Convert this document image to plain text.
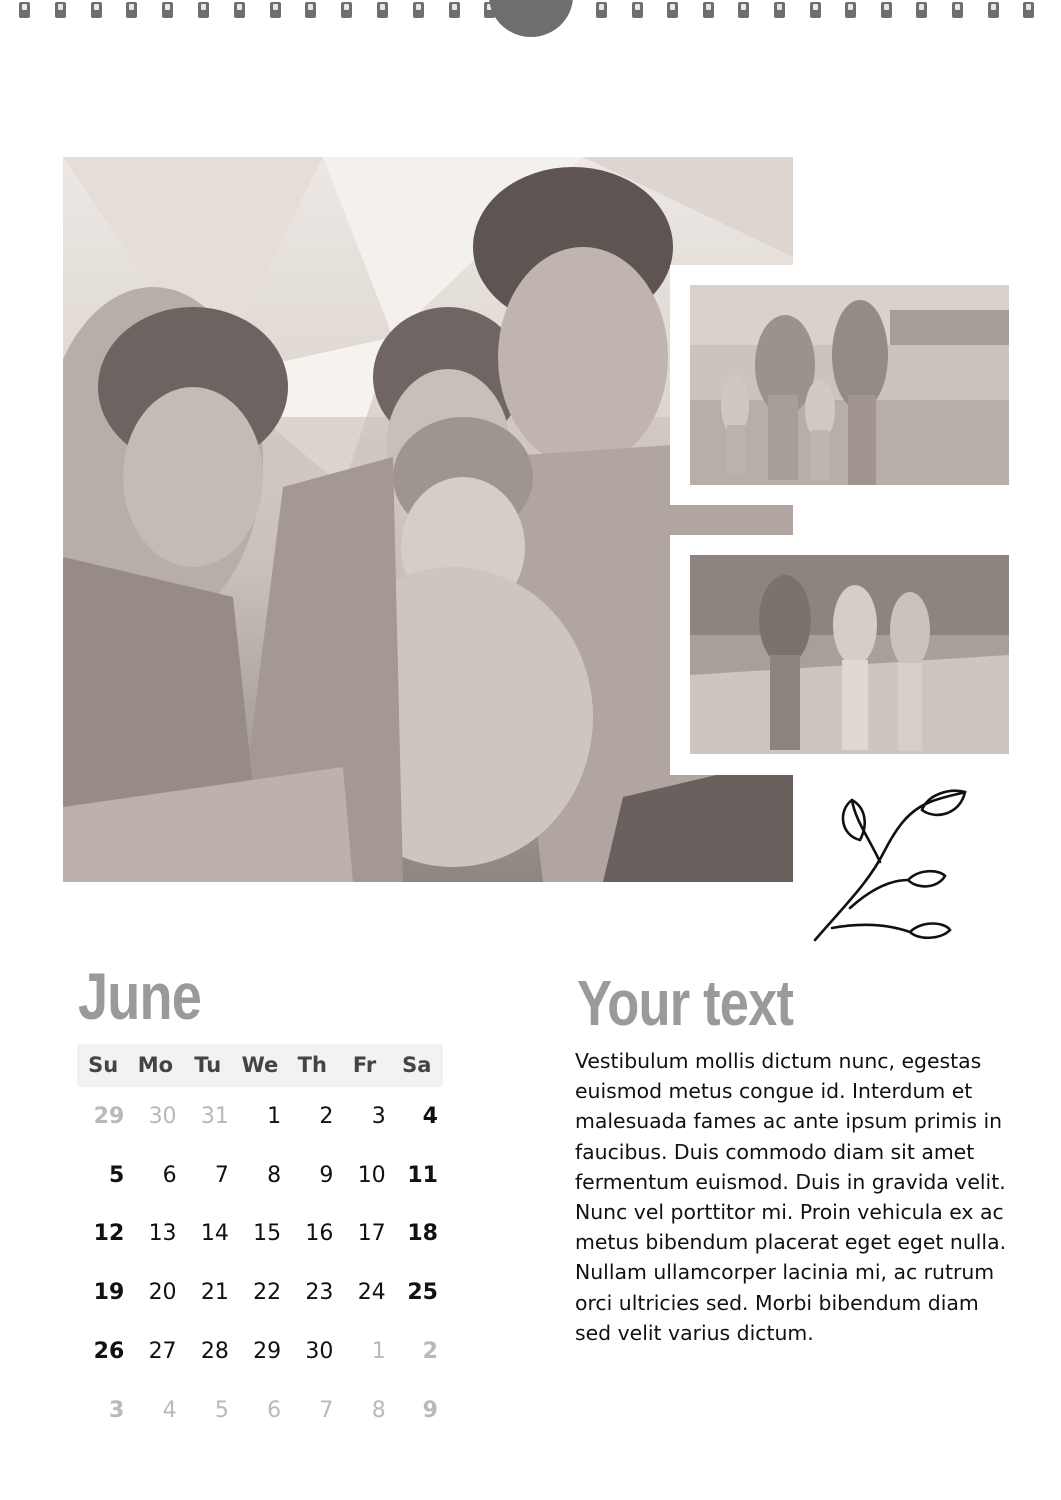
June
Su Mo	Tu We Th	Fr	Sa
29	30	31	1	2	3	4
5	6	7	8	9	10 11
12	13	14	15	16	17 18
19	20	21	22	23	24 25
26	27	28	29	30	1	2
3	4	5	6	7	8	9
Your text
Vestibulum mollis dictum nunc, egestas euismod metus congue id. Interdum et malesuada fames ac ante ipsum primis in faucibus. Duis commodo diam sit amet fermentum euismod. Duis in gravida velit. Nunc vel porttitor mi. Proin vehicula ex ac metus bibendum placerat eget eget nulla. Nullam ullamcorper lacinia mi, ac rutrum orci ultricies sed. Morbi bibendum diam sed velit varius dictum.
